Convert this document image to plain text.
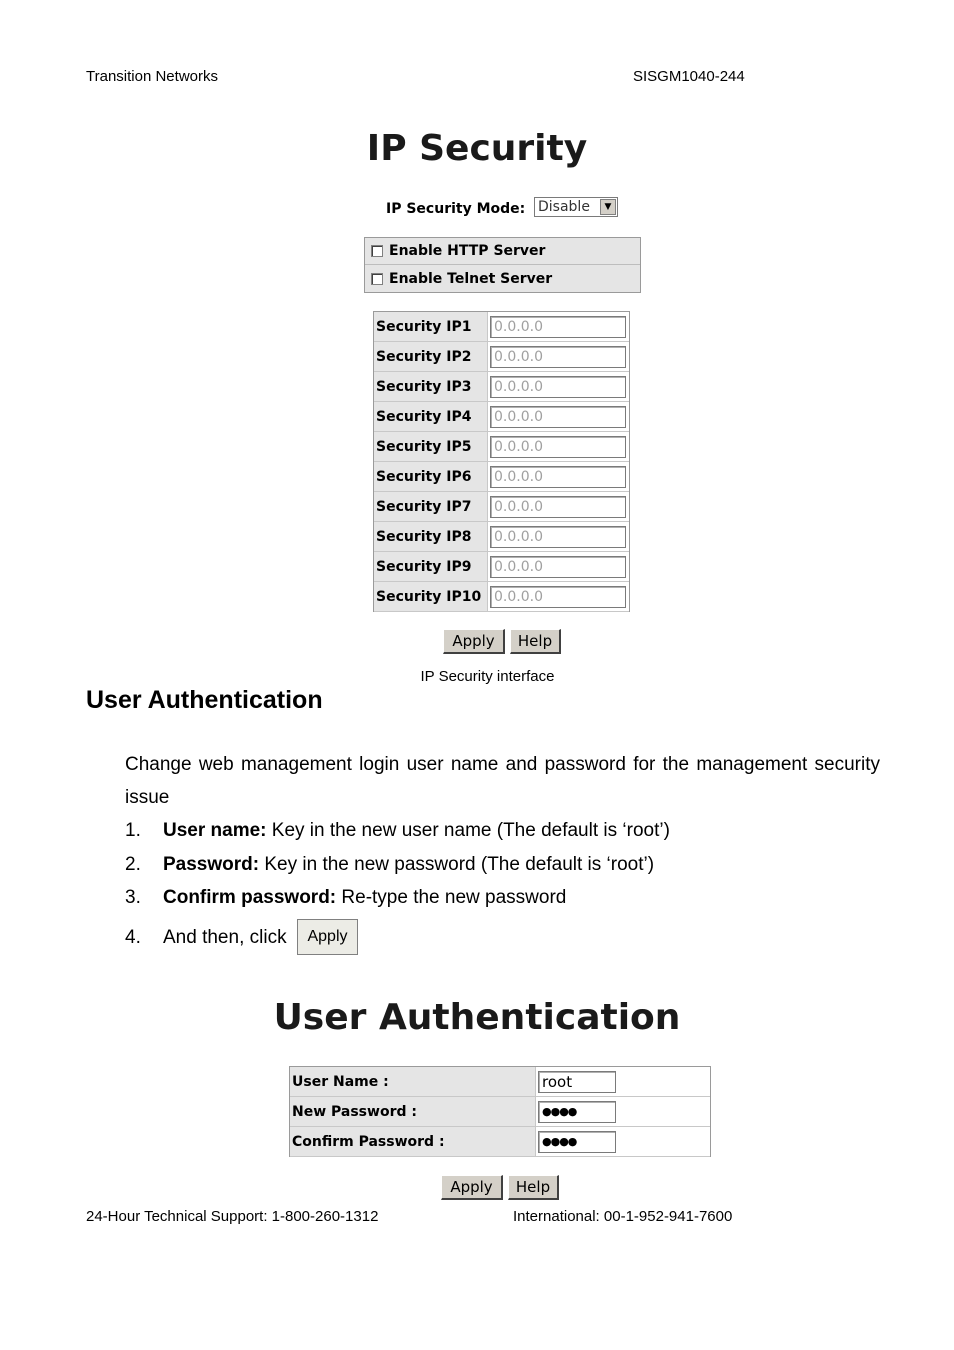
Transition Networks	SISGM1040-244
IP Security
IP Security Mode: Disable	▼
Enable HTTP Server
Enable Telnet Server
Security IP1	0.0.0.0
Security IP2	0.0.0.0
Security IP3	0.0.0.0
Security IP4	0.0.0.0
Security IP5	0.0.0.0
Security IP6	0.0.0.0
Security IP7	0.0.0.0
Security IP8	0.0.0.0
Security IP9	0.0.0.0
Security IP10 0.0.0.0
Apply	Help
IP Security interface
User Authentication
Change web management login user name and password for the management security issue
1. User name: Key in the new user name (The default is ‘root’)
2. Password: Key in the new password (The default is ‘root’)
3. Confirm password: Re-type the new password
4. And then, click	Apply
User Authentication
User Name :	root
New Password :	●●●●
Confirm Password :	●●●●
Apply	Help
24-Hour Technical Support: 1-800-260-1312	International: 00-1-952-941-7600
